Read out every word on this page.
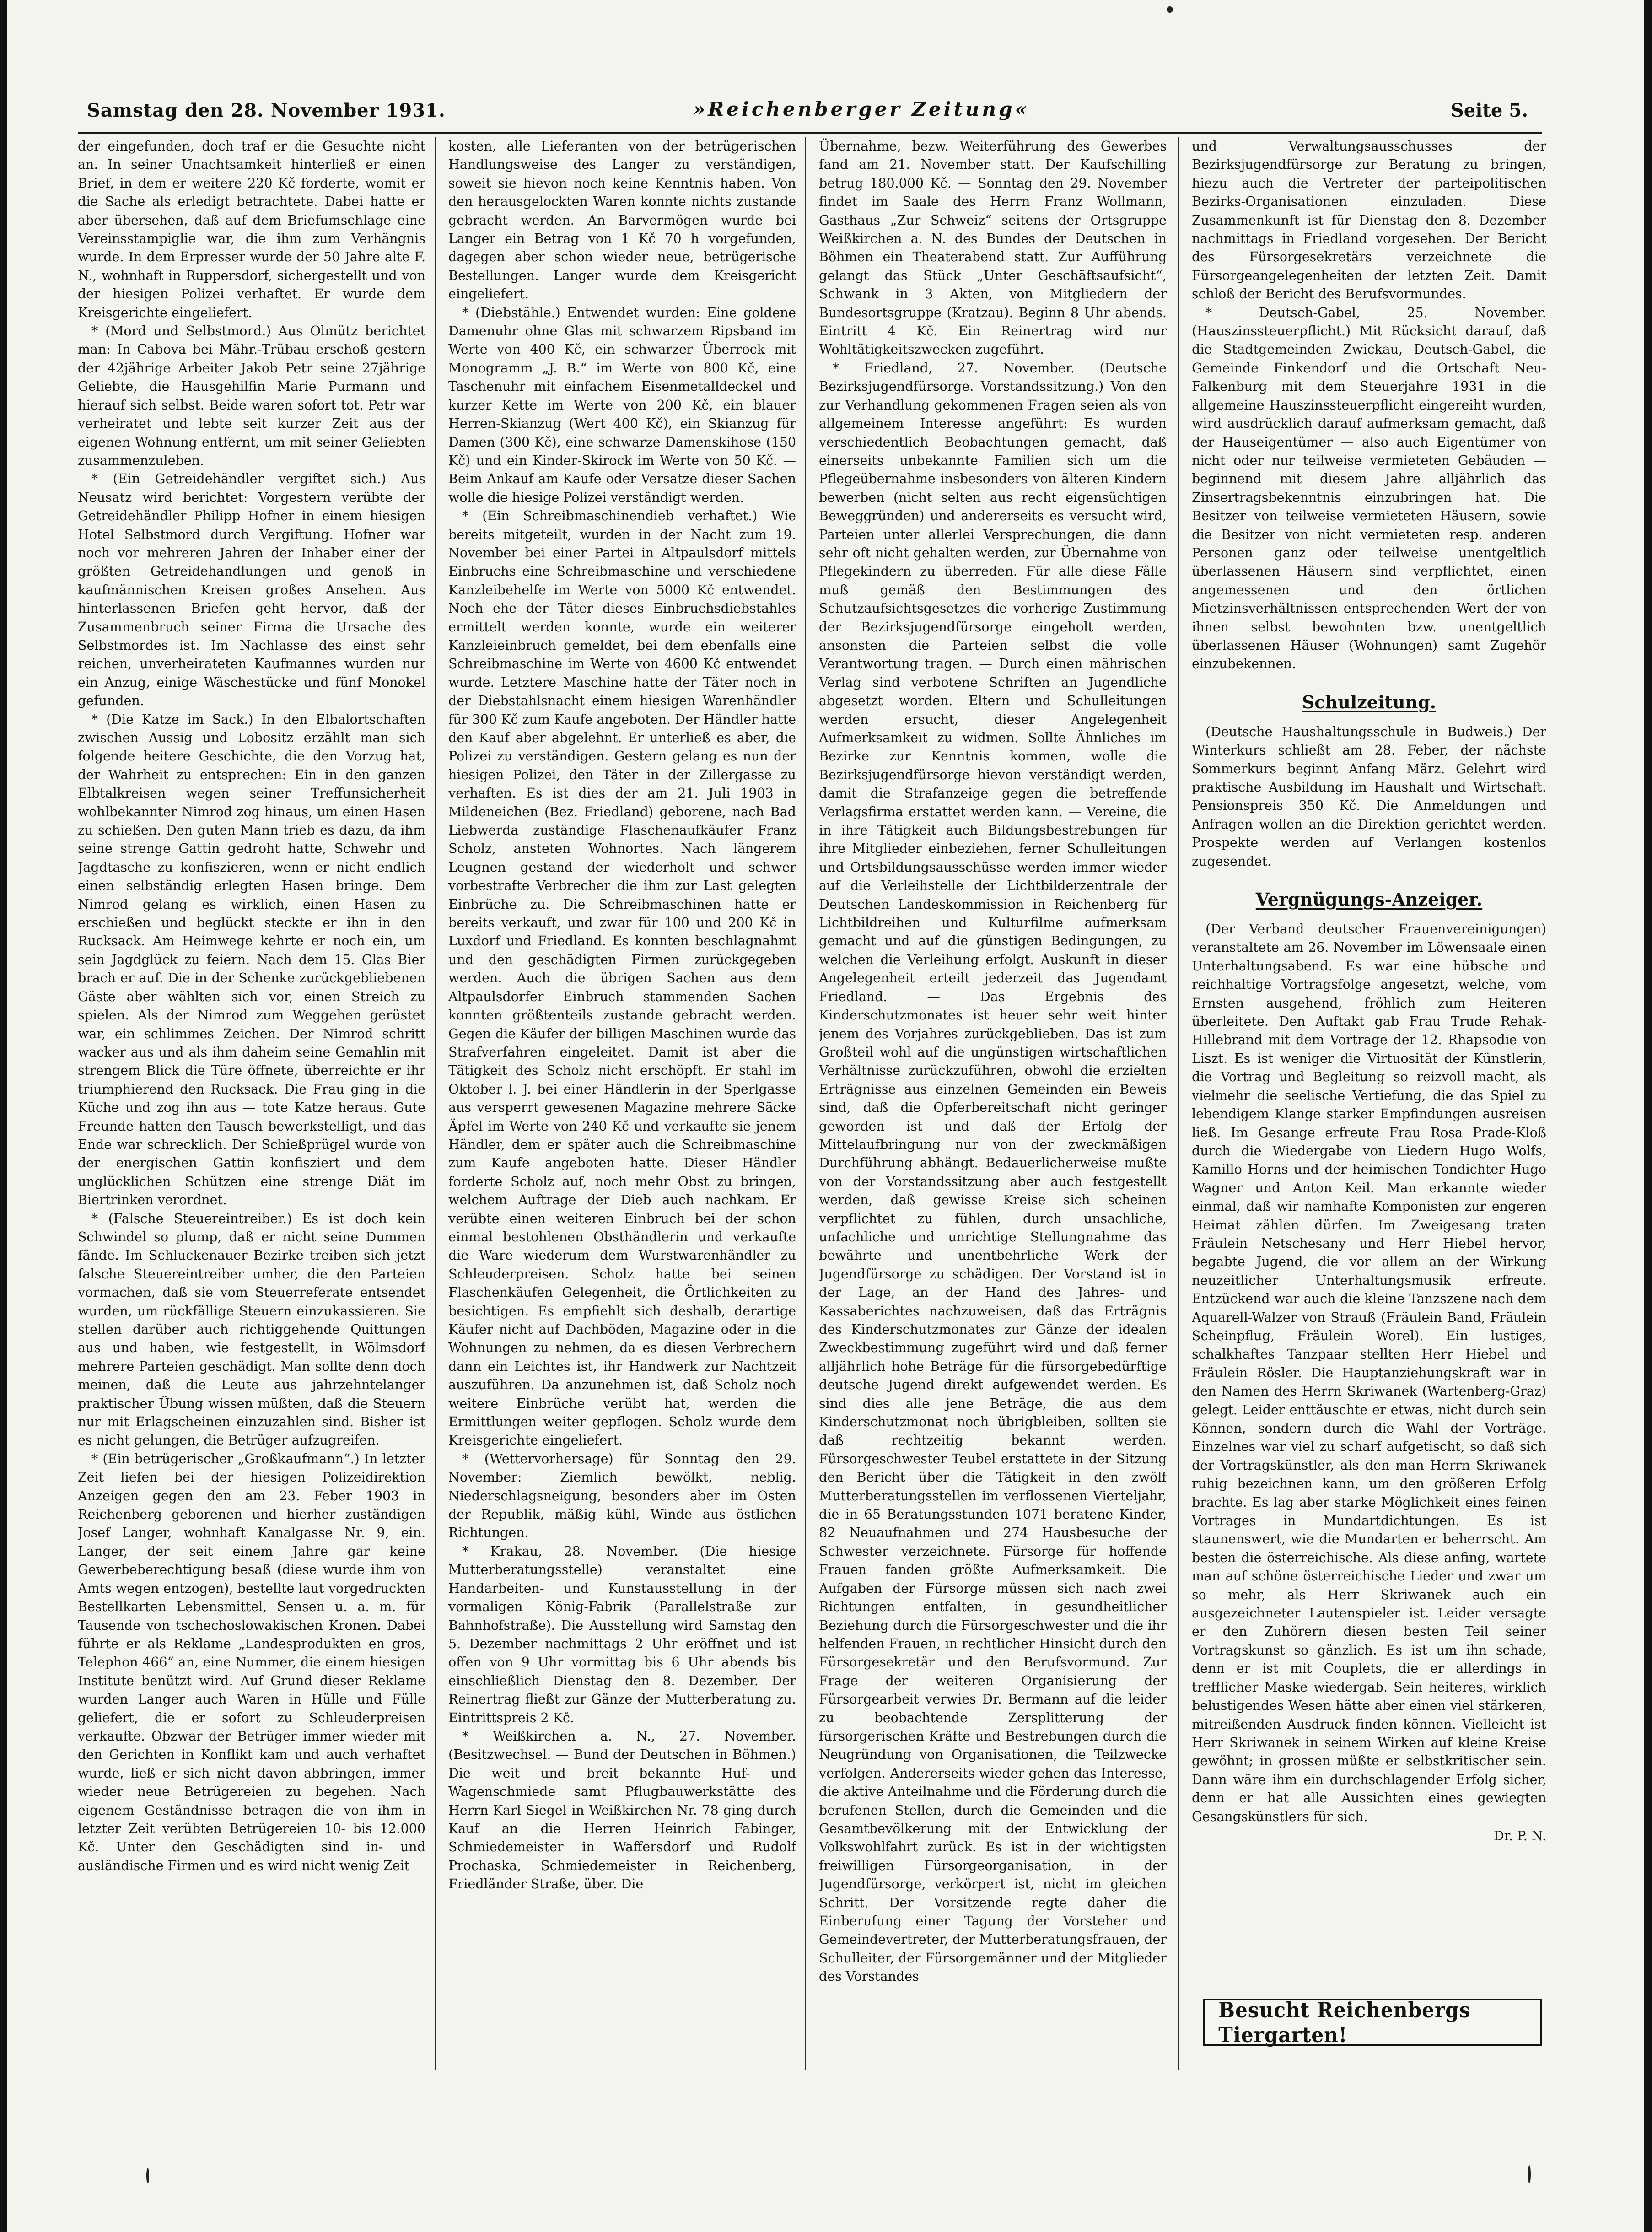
Samstag den 28. November 1931.	»Reichenberger Zeitung«	Seite 5.

der eingefunden, doch traf er die Gesuchte nicht an. In seiner Unachtsamkeit hinterließ er einen Brief, in dem er weitere 220 Kč forderte, womit er die Sache als erledigt betrachtete. Dabei hatte er aber übersehen, daß auf dem Briefumschlage eine Vereinsstampiglie war, die ihm zum Verhängnis wurde. In dem Erpresser wurde der 50 Jahre alte F. N., wohnhaft in Ruppersdorf, sichergestellt und von der hiesigen Polizei verhaftet. Er wurde dem Kreisgerichte eingeliefert.

* (Mord und Selbstmord.) Aus Olmütz berichtet man: In Cabova bei Mähr.-Trübau erschoß gestern der 42jährige Arbeiter Jakob Petr seine 27jährige Geliebte, die Hausgehilfin Marie Purmann und hierauf sich selbst. Beide waren sofort tot. Petr war verheiratet und lebte seit kurzer Zeit aus der eigenen Wohnung entfernt, um mit seiner Geliebten zusammenzuleben.

* (Ein Getreidehändler vergiftet sich.) Aus Neusatz wird berichtet: Vorgestern verübte der Getreidehändler Philipp Hofner in einem hiesigen Hotel Selbstmord durch Vergiftung. Hofner war noch vor mehreren Jahren der Inhaber einer der größten Getreidehandlungen und genoß in kaufmännischen Kreisen großes Ansehen. Aus hinterlassenen Briefen geht hervor, daß der Zusammenbruch seiner Firma die Ursache des Selbstmordes ist. Im Nachlasse des einst sehr reichen, unverheirateten Kaufmannes wurden nur ein Anzug, einige Wäschestücke und fünf Monokel gefunden.

* (Die Katze im Sack.) In den Elbalortschaften zwischen Aussig und Lobositz erzählt man sich folgende heitere Geschichte, die den Vorzug hat, der Wahrheit zu entsprechen: Ein in den ganzen Elbtalkreisen wegen seiner Treffunsicherheit wohlbekannter Nimrod zog hinaus, um einen Hasen zu schießen. Den guten Mann trieb es dazu, da ihm seine strenge Gattin gedroht hatte, Schwehr und Jagdtasche zu konfiszieren, wenn er nicht endlich einen selbständig erlegten Hasen bringe. Dem Nimrod gelang es wirklich, einen Hasen zu erschießen und beglückt steckte er ihn in den Rucksack. Am Heimwege kehrte er noch ein, um sein Jagdglück zu feiern. Nach dem 15. Glas Bier brach er auf. Die in der Schenke zurückgebliebenen Gäste aber wählten sich vor, einen Streich zu spielen. Als der Nimrod zum Weggehen gerüstet war, ein schlimmes Zeichen. Der Nimrod schritt wacker aus und als ihm daheim seine Gemahlin mit strengem Blick die Türe öffnete, überreichte er ihr triumphierend den Rucksack. Die Frau ging in die Küche und zog ihn aus — tote Katze heraus. Gute Freunde hatten den Tausch bewerkstelligt, und das Ende war schrecklich. Der Schießprügel wurde von der energischen Gattin konfisziert und dem unglücklichen Schützen eine strenge Diät im Biertrinken verordnet.

* (Falsche Steuereintreiber.) Es ist doch kein Schwindel so plump, daß er nicht seine Dummen fände. Im Schluckenauer Bezirke treiben sich jetzt falsche Steuereintreiber umher, die den Parteien vormachen, daß sie vom Steuerreferate entsendet wurden, um rückfällige Steuern einzukassieren. Sie stellen darüber auch richtiggehende Quittungen aus und haben, wie festgestellt, in Wölmsdorf mehrere Parteien geschädigt. Man sollte denn doch meinen, daß die Leute aus jahrzehntelanger praktischer Übung wissen müßten, daß die Steuern nur mit Erlagscheinen einzuzahlen sind. Bisher ist es nicht gelungen, die Betrüger aufzugreifen.

* (Ein betrügerischer „Großkaufmann“.) In letzter Zeit liefen bei der hiesigen Polizeidirektion Anzeigen gegen den am 23. Feber 1903 in Reichenberg geborenen und hierher zuständigen Josef Langer, wohnhaft Kanalgasse Nr. 9, ein. Langer, der seit einem Jahre gar keine Gewerbeberechtigung besaß (diese wurde ihm von Amts wegen entzogen), bestellte laut vorgedruckten Bestellkarten Lebensmittel, Sensen u. a. m. für Tausende von tschechoslowakischen Kronen. Dabei führte er als Reklame „Landesprodukten en gros, Telephon 466“ an, eine Nummer, die einem hiesigen Institute benützt wird. Auf Grund dieser Reklame wurden Langer auch Waren in Hülle und Fülle geliefert, die er sofort zu Schleuderpreisen verkaufte. Obzwar der Betrüger immer wieder mit den Gerichten in Konflikt kam und auch verhaftet wurde, ließ er sich nicht davon abbringen, immer wieder neue Betrügereien zu begehen. Nach eigenem Geständnisse betragen die von ihm in letzter Zeit verübten Betrügereien 10- bis 12.000 Kč. Unter den Geschädigten sind in- und ausländische Firmen und es wird nicht wenig Zeit

kosten, alle Lieferanten von der betrügerischen Handlungsweise des Langer zu verständigen, soweit sie hievon noch keine Kenntnis haben. Von den herausgelockten Waren konnte nichts zustande gebracht werden. An Barvermögen wurde bei Langer ein Betrag von 1 Kč 70 h vorgefunden, dagegen aber schon wieder neue, betrügerische Bestellungen. Langer wurde dem Kreisgericht eingeliefert.

* (Diebstähle.) Entwendet wurden: Eine goldene Damenuhr ohne Glas mit schwarzem Ripsband im Werte von 400 Kč, ein schwarzer Überrock mit Monogramm „J. B.“ im Werte von 800 Kč, eine Taschenuhr mit einfachem Eisenmetalldeckel und kurzer Kette im Werte von 200 Kč, ein blauer Herren-Skianzug (Wert 400 Kč), ein Skianzug für Damen (300 Kč), eine schwarze Damenskihose (150 Kč) und ein Kinder-Skirock im Werte von 50 Kč. — Beim Ankauf am Kaufe oder Versatze dieser Sachen wolle die hiesige Polizei verständigt werden.

* (Ein Schreibmaschinendieb verhaftet.) Wie bereits mitgeteilt, wurden in der Nacht zum 19. November bei einer Partei in Altpaulsdorf mittels Einbruchs eine Schreibmaschine und verschiedene Kanzleibehelfe im Werte von 5000 Kč entwendet. Noch ehe der Täter dieses Einbruchsdiebstahles ermittelt werden konnte, wurde ein weiterer Kanzleieinbruch gemeldet, bei dem ebenfalls eine Schreibmaschine im Werte von 4600 Kč entwendet wurde. Letztere Maschine hatte der Täter noch in der Diebstahlsnacht einem hiesigen Warenhändler für 300 Kč zum Kaufe angeboten. Der Händler hatte den Kauf aber abgelehnt. Er unterließ es aber, die Polizei zu verständigen. Gestern gelang es nun der hiesigen Polizei, den Täter in der Zillergasse zu verhaften. Es ist dies der am 21. Juli 1903 in Mildeneichen (Bez. Friedland) geborene, nach Bad Liebwerda zuständige Flaschenaufkäufer Franz Scholz, ansteten Wohnortes. Nach längerem Leugnen gestand der wiederholt und schwer vorbestrafte Verbrecher die ihm zur Last gelegten Einbrüche zu. Die Schreibmaschinen hatte er bereits verkauft, und zwar für 100 und 200 Kč in Luxdorf und Friedland. Es konnten beschlagnahmt und den geschädigten Firmen zurückgegeben werden. Auch die übrigen Sachen aus dem Altpaulsdorfer Einbruch stammenden Sachen konnten größtenteils zustande gebracht werden. Gegen die Käufer der billigen Maschinen wurde das Strafverfahren eingeleitet. Damit ist aber die Tätigkeit des Scholz nicht erschöpft. Er stahl im Oktober l. J. bei einer Händlerin in der Sperlgasse aus versperrt gewesenen Magazine mehrere Säcke Äpfel im Werte von 240 Kč und verkaufte sie jenem Händler, dem er später auch die Schreibmaschine zum Kaufe angeboten hatte. Dieser Händler forderte Scholz auf, noch mehr Obst zu bringen, welchem Auftrage der Dieb auch nachkam. Er verübte einen weiteren Einbruch bei der schon einmal bestohlenen Obsthändlerin und verkaufte die Ware wiederum dem Wurstwarenhändler zu Schleuderpreisen. Scholz hatte bei seinen Flaschenkäufen Gelegenheit, die Örtlichkeiten zu besichtigen. Es empfiehlt sich deshalb, derartige Käufer nicht auf Dachböden, Magazine oder in die Wohnungen zu nehmen, da es diesen Verbrechern dann ein Leichtes ist, ihr Handwerk zur Nachtzeit auszuführen. Da anzunehmen ist, daß Scholz noch weitere Einbrüche verübt hat, werden die Ermittlungen weiter gepflogen. Scholz wurde dem Kreisgerichte eingeliefert.

* (Wettervorhersage) für Sonntag den 29. November: Ziemlich bewölkt, neblig. Niederschlagsneigung, besonders aber im Osten der Republik, mäßig kühl, Winde aus östlichen Richtungen.

* Krakau, 28. November. (Die hiesige Mutterberatungsstelle) veranstaltet eine Handarbeiten- und Kunstausstellung in der vormaligen König-Fabrik (Parallelstraße zur Bahnhofstraße). Die Ausstellung wird Samstag den 5. Dezember nachmittags 2 Uhr eröffnet und ist offen von 9 Uhr vormittag bis 6 Uhr abends bis einschließlich Dienstag den 8. Dezember. Der Reinertrag fließt zur Gänze der Mutterberatung zu. Eintrittspreis 2 Kč.

* Weißkirchen a. N., 27. November. (Besitzwechsel. — Bund der Deutschen in Böhmen.) Die weit und breit bekannte Huf- und Wagenschmiede samt Pflugbauwerkstätte des Herrn Karl Siegel in Weißkirchen Nr. 78 ging durch Kauf an die Herren Heinrich Fabinger, Schmiedemeister in Waffersdorf und Rudolf Prochaska, Schmiedemeister in Reichenberg, Friedländer Straße, über. Die

Übernahme, bezw. Weiterführung des Gewerbes fand am 21. November statt. Der Kaufschilling betrug 180.000 Kč. — Sonntag den 29. November findet im Saale des Herrn Franz Wollmann, Gasthaus „Zur Schweiz“ seitens der Ortsgruppe Weißkirchen a. N. des Bundes der Deutschen in Böhmen ein Theaterabend statt. Zur Aufführung gelangt das Stück „Unter Geschäftsaufsicht“, Schwank in 3 Akten, von Mitgliedern der Bundesortsgruppe (Kratzau). Beginn 8 Uhr abends. Eintritt 4 Kč. Ein Reinertrag wird nur Wohltätigkeitszwecken zugeführt.

* Friedland, 27. November. (Deutsche Bezirksjugendfürsorge. Vorstandssitzung.) Von den zur Verhandlung gekommenen Fragen seien als von allgemeinem Interesse angeführt: Es wurden verschiedentlich Beobachtungen gemacht, daß einerseits unbekannte Familien sich um die Pflegeübernahme insbesonders von älteren Kindern bewerben (nicht selten aus recht eigensüchtigen Beweggründen) und andererseits es versucht wird, Parteien unter allerlei Versprechungen, die dann sehr oft nicht gehalten werden, zur Übernahme von Pflegekindern zu überreden. Für alle diese Fälle muß gemäß den Bestimmungen des Schutzaufsichtsgesetzes die vorherige Zustimmung der Bezirksjugendfürsorge eingeholt werden, ansonsten die Parteien selbst die volle Verantwortung tragen. — Durch einen mährischen Verlag sind verbotene Schriften an Jugendliche abgesetzt worden. Eltern und Schulleitungen werden ersucht, dieser Angelegenheit Aufmerksamkeit zu widmen. Sollte Ähnliches im Bezirke zur Kenntnis kommen, wolle die Bezirksjugendfürsorge hievon verständigt werden, damit die Strafanzeige gegen die betreffende Verlagsfirma erstattet werden kann. — Vereine, die in ihre Tätigkeit auch Bildungsbestrebungen für ihre Mitglieder einbeziehen, ferner Schulleitungen und Ortsbildungsausschüsse werden immer wieder auf die Verleihstelle der Lichtbilderzentrale der Deutschen Landeskommission in Reichenberg für Lichtbildreihen und Kulturfilme aufmerksam gemacht und auf die günstigen Bedingungen, zu welchen die Verleihung erfolgt. Auskunft in dieser Angelegenheit erteilt jederzeit das Jugendamt Friedland. — Das Ergebnis des Kinderschutzmonates ist heuer sehr weit hinter jenem des Vorjahres zurückgeblieben. Das ist zum Großteil wohl auf die ungünstigen wirtschaftlichen Verhältnisse zurückzuführen, obwohl die erzielten Erträgnisse aus einzelnen Gemeinden ein Beweis sind, daß die Opferbereitschaft nicht geringer geworden ist und daß der Erfolg der Mittelaufbringung nur von der zweckmäßigen Durchführung abhängt. Bedauerlicherweise mußte von der Vorstandssitzung aber auch festgestellt werden, daß gewisse Kreise sich scheinen verpflichtet zu fühlen, durch unsachliche, unfachliche und unrichtige Stellungnahme das bewährte und unentbehrliche Werk der Jugendfürsorge zu schädigen. Der Vorstand ist in der Lage, an der Hand des Jahres- und Kassaberichtes nachzuweisen, daß das Erträgnis des Kinderschutzmonates zur Gänze der idealen Zweckbestimmung zugeführt wird und daß ferner alljährlich hohe Beträge für die fürsorgebedürftige deutsche Jugend direkt aufgewendet werden. Es sind dies alle jene Beträge, die aus dem Kinderschutzmonat noch übrigbleiben, sollten sie daß rechtzeitig bekannt werden. Fürsorgeschwester Teubel erstattete in der Sitzung den Bericht über die Tätigkeit in den zwölf Mutterberatungsstellen im verflossenen Vierteljahr, die in 65 Beratungsstunden 1071 beratene Kinder, 82 Neuaufnahmen und 274 Hausbesuche der Schwester verzeichnete. Fürsorge für hoffende Frauen fanden größte Aufmerksamkeit. Die Aufgaben der Fürsorge müssen sich nach zwei Richtungen entfalten, in gesundheitlicher Beziehung durch die Fürsorgeschwester und die ihr helfenden Frauen, in rechtlicher Hinsicht durch den Fürsorgesekretär und den Berufsvormund. Zur Frage der weiteren Organisierung der Fürsorgearbeit verwies Dr. Bermann auf die leider zu beobachtende Zersplitterung der fürsorgerischen Kräfte und Bestrebungen durch die Neugründung von Organisationen, die Teilzwecke verfolgen. Andererseits wieder gehen das Interesse, die aktive Anteilnahme und die Förderung durch die berufenen Stellen, durch die Gemeinden und die Gesamtbevölkerung mit der Entwicklung der Volkswohlfahrt zurück. Es ist in der wichtigsten freiwilligen Fürsorgeorganisation, in der Jugendfürsorge, verkörpert ist, nicht im gleichen Schritt. Der Vorsitzende regte daher die Einberufung einer Tagung der Vorsteher und Gemeindevertreter, der Mutterberatungsfrauen, der Schulleiter, der Fürsorgemänner und der Mitglieder des Vorstandes

und Verwaltungsausschusses der Bezirksjugendfürsorge zur Beratung zu bringen, hiezu auch die Vertreter der parteipolitischen Bezirks-Organisationen einzuladen. Diese Zusammenkunft ist für Dienstag den 8. Dezember nachmittags in Friedland vorgesehen. Der Bericht des Fürsorgesekretärs verzeichnete die Fürsorgeangelegenheiten der letzten Zeit. Damit schloß der Bericht des Berufsvormundes.

* Deutsch-Gabel, 25. November. (Hauszinssteuerpflicht.) Mit Rücksicht darauf, daß die Stadtgemeinden Zwickau, Deutsch-Gabel, die Gemeinde Finkendorf und die Ortschaft Neu-Falkenburg mit dem Steuerjahre 1931 in die allgemeine Hauszinssteuerpflicht eingereiht wurden, wird ausdrücklich darauf aufmerksam gemacht, daß der Hauseigentümer — also auch Eigentümer von nicht oder nur teilweise vermieteten Gebäuden — beginnend mit diesem Jahre alljährlich das Zinsertragsbekenntnis einzubringen hat. Die Besitzer von teilweise vermieteten Häusern, sowie die Besitzer von nicht vermieteten resp. anderen Personen ganz oder teilweise unentgeltlich überlassenen Häusern sind verpflichtet, einen angemessenen und den örtlichen Mietzinsverhältnissen entsprechenden Wert der von ihnen selbst bewohnten bzw. unentgeltlich überlassenen Häuser (Wohnungen) samt Zugehör einzubekennen.

Schulzeitung.

(Deutsche Haushaltungsschule in Budweis.) Der Winterkurs schließt am 28. Feber, der nächste Sommerkurs beginnt Anfang März. Gelehrt wird praktische Ausbildung im Haushalt und Wirtschaft. Pensionspreis 350 Kč. Die Anmeldungen und Anfragen wollen an die Direktion gerichtet werden. Prospekte werden auf Verlangen kostenlos zugesendet.

Vergnügungs-Anzeiger.

(Der Verband deutscher Frauenvereinigungen) veranstaltete am 26. November im Löwensaale einen Unterhaltungsabend. Es war eine hübsche und reichhaltige Vortragsfolge angesetzt, welche, vom Ernsten ausgehend, fröhlich zum Heiteren überleitete. Den Auftakt gab Frau Trude Rehak-Hillebrand mit dem Vortrage der 12. Rhapsodie von Liszt. Es ist weniger die Virtuosität der Künstlerin, die Vortrag und Begleitung so reizvoll macht, als vielmehr die seelische Vertiefung, die das Spiel zu lebendigem Klange starker Empfindungen ausreisen ließ. Im Gesange erfreute Frau Rosa Prade-Kloß durch die Wiedergabe von Liedern Hugo Wolfs, Kamillo Horns und der heimischen Tondichter Hugo Wagner und Anton Keil. Man erkannte wieder einmal, daß wir namhafte Komponisten zur engeren Heimat zählen dürfen. Im Zweigesang traten Fräulein Netschesany und Herr Hiebel hervor, begabte Jugend, die vor allem an der Wirkung neuzeitlicher Unterhaltungsmusik erfreute. Entzückend war auch die kleine Tanzszene nach dem Aquarell-Walzer von Strauß (Fräulein Band, Fräulein Scheinpflug, Fräulein Worel). Ein lustiges, schalkhaftes Tanzpaar stellten Herr Hiebel und Fräulein Rösler. Die Hauptanziehungskraft war in den Namen des Herrn Skriwanek (Wartenberg-Graz) gelegt. Leider enttäuschte er etwas, nicht durch sein Können, sondern durch die Wahl der Vorträge. Einzelnes war viel zu scharf aufgetischt, so daß sich der Vortragskünstler, als den man Herrn Skriwanek ruhig bezeichnen kann, um den größeren Erfolg brachte. Es lag aber starke Möglichkeit eines feinen Vortrages in Mundartdichtungen. Es ist staunenswert, wie die Mundarten er beherrscht. Am besten die österreichische. Als diese anfing, wartete man auf schöne österreichische Lieder und zwar um so mehr, als Herr Skriwanek auch ein ausgezeichneter Lautenspieler ist. Leider versagte er den Zuhörern diesen besten Teil seiner Vortragskunst so gänzlich. Es ist um ihn schade, denn er ist mit Couplets, die er allerdings in trefflicher Maske wiedergab. Sein heiteres, wirklich belustigendes Wesen hätte aber einen viel stärkeren, mitreißenden Ausdruck finden können. Vielleicht ist Herr Skriwanek in seinem Wirken auf kleine Kreise gewöhnt; in grossen müßte er selbstkritischer sein. Dann wäre ihm ein durchschlagender Erfolg sicher, denn er hat alle Aussichten eines gewiegten Gesangskünstlers für sich.

Dr. P. N.
Besucht Reichenbergs Tiergarten!
